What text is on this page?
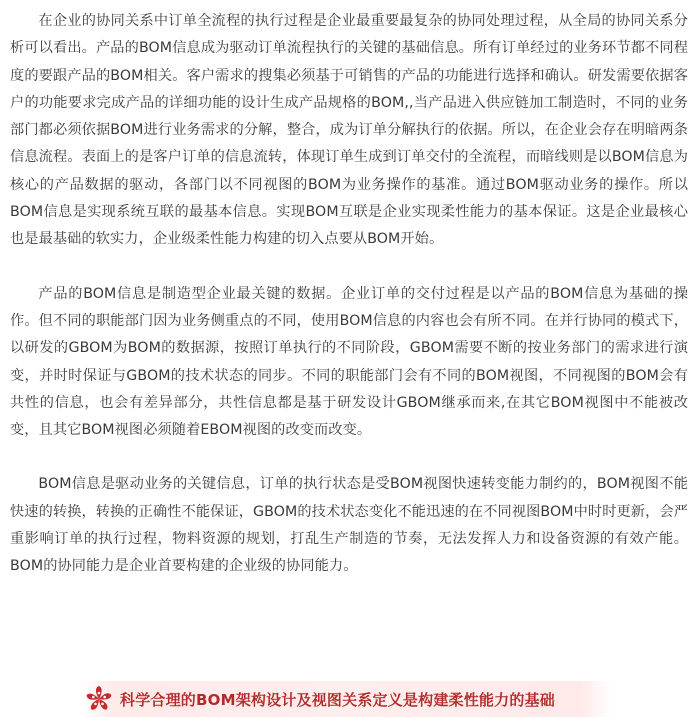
在企业的协同关系中订单全流程的执行过程是企业最重要最复杂的协同处理过程，从全局的协同关系分析可以看出。产品的BOM信息成为驱动订单流程执行的关键的基础信息。所有订单经过的业务环节都不同程度的要跟产品的BOM相关。客户需求的搜集必须基于可销售的产品的功能进行选择和确认。研发需要依据客户的功能要求完成产品的详细功能的设计生成产品规格的BOM,,当产品进入供应链加工制造时，不同的业务部门都必须依据BOM进行业务需求的分解，整合，成为订单分解执行的依据。所以，在企业会存在明暗两条信息流程。表面上的是客户订单的信息流转，体现订单生成到订单交付的全流程，而暗线则是以BOM信息为核心的产品数据的驱动，各部门以不同视图的BOM为业务操作的基准。通过BOM驱动业务的操作。所以BOM信息是实现系统互联的最基本信息。实现BOM互联是企业实现柔性能力的基本保证。这是企业最核心也是最基础的软实力，企业级柔性能力构建的切入点要从BOM开始。

产品的BOM信息是制造型企业最关键的数据。企业订单的交付过程是以产品的BOM信息为基础的操作。但不同的职能部门因为业务侧重点的不同，使用BOM信息的内容也会有所不同。在并行协同的模式下，以研发的GBOM为BOM的数据源，按照订单执行的不同阶段，GBOM需要不断的按业务部门的需求进行演变，并时时保证与GBOM的技术状态的同步。不同的职能部门会有不同的BOM视图，不同视图的BOM会有共性的信息，也会有差异部分，共性信息都是基于研发设计GBOM继承而来,在其它BOM视图中不能被改变，且其它BOM视图必须随着EBOM视图的改变而改变。

BOM信息是驱动业务的关键信息，订单的执行状态是受BOM视图快速转变能力制约的，BOM视图不能快速的转换，转换的正确性不能保证，GBOM的技术状态变化不能迅速的在不同视图BOM中时时更新，会严重影响订单的执行过程，物料资源的规划，打乱生产制造的节奏，无法发挥人力和设备资源的有效产能。BOM的协同能力是企业首要构建的企业级的协同能力。

科学合理的BOM架构设计及视图关系定义是构建柔性能力的基础
